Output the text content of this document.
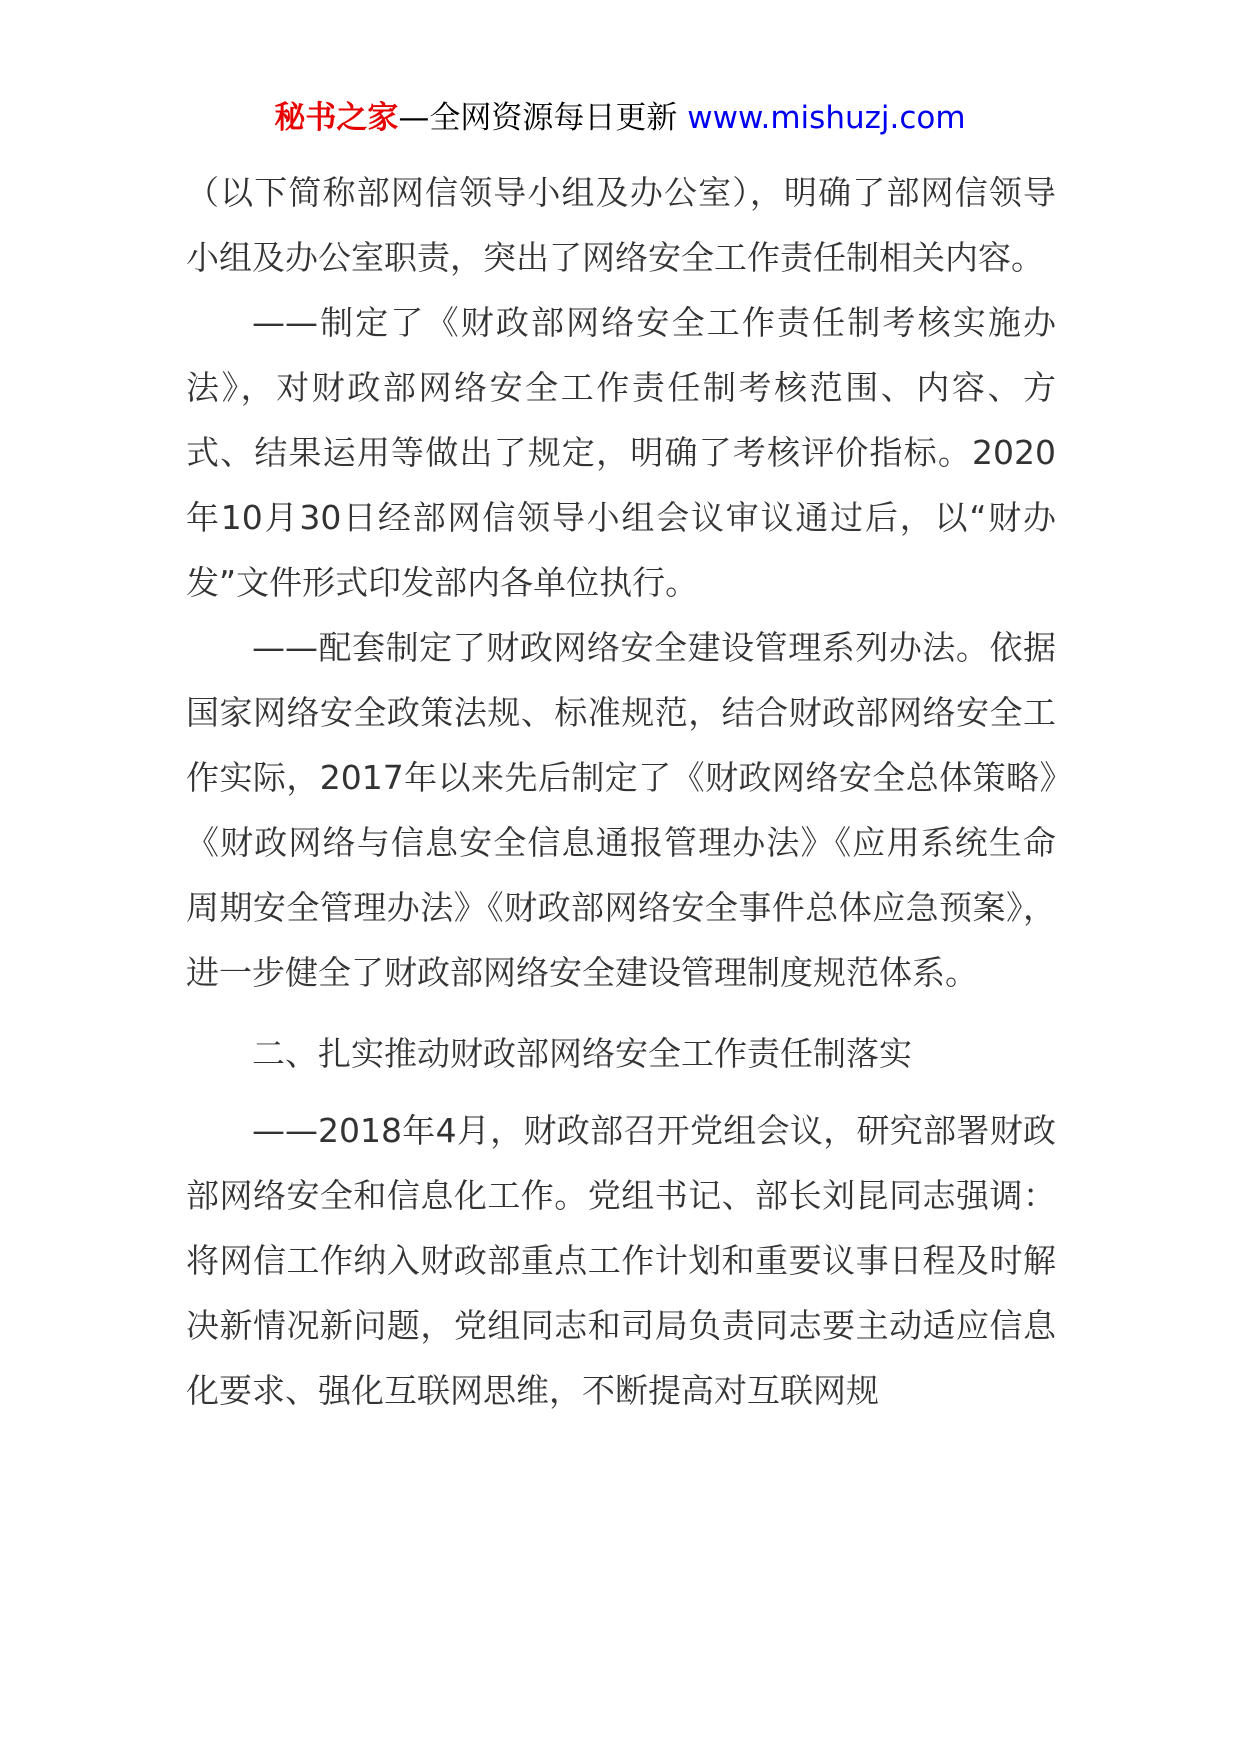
秘书之家—全网资源每日更新 www.mishuzj.com

（以下简称部网信领导小组及办公室），明确了部网信领导小组及办公室职责，突出了网络安全工作责任制相关内容。

——制定了《财政部网络安全工作责任制考核实施办法》，对财政部网络安全工作责任制考核范围、内容、方式、结果运用等做出了规定，明确了考核评价指标。2020年10月30日经部网信领导小组会议审议通过后，以“财办发”文件形式印发部内各单位执行。

——配套制定了财政网络安全建设管理系列办法。依据国家网络安全政策法规、标准规范，结合财政部网络安全工作实际，2017年以来先后制定了《财政网络安全总体策略》《财政网络与信息安全信息通报管理办法》《应用系统生命周期安全管理办法》《财政部网络安全事件总体应急预案》，进一步健全了财政部网络安全建设管理制度规范体系。

二、扎实推动财政部网络安全工作责任制落实

——2018年4月，财政部召开党组会议，研究部署财政部网络安全和信息化工作。党组书记、部长刘昆同志强调：将网信工作纳入财政部重点工作计划和重要议事日程及时解决新情况新问题，党组同志和司局负责同志要主动适应信息化要求、强化互联网思维，不断提高对互联网规
